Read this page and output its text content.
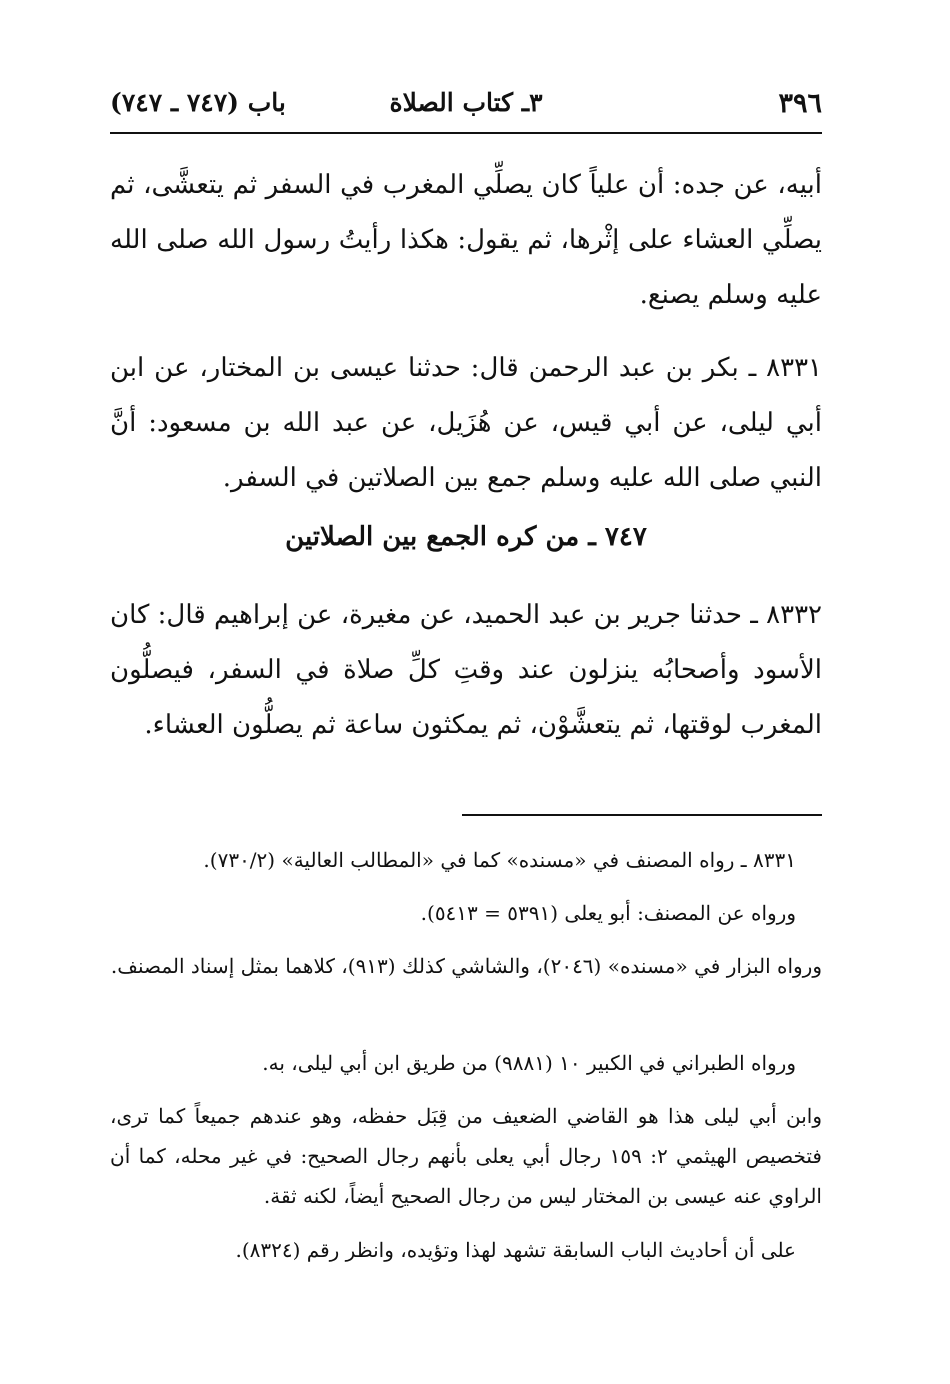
٣٩٦
٣ـ كتاب الصلاة
باب (٧٤٧ ـ ٧٤٧)

أبيه، عن جده: أن علياً كان يصلِّي المغرب في السفر ثم يتعشَّى، ثم يصلِّي العشاء على إثْرها، ثم يقول: هكذا رأيتُ رسول الله صلى الله عليه وسلم يصنع.

٨٣٣١ ـ بكر بن عبد الرحمن قال: حدثنا عيسى بن المختار، عن ابن أبي ليلى، عن أبي قيس، عن هُزَيل، عن عبد الله بن مسعود: أنَّ النبي صلى الله عليه وسلم جمع بين الصلاتين في السفر.

٧٤٧ ـ من كره الجمع بين الصلاتين

٨٣٣٢ ـ حدثنا جرير بن عبد الحميد، عن مغيرة، عن إبراهيم قال: كان الأسود وأصحابُه ينزلون عند وقتِ كلِّ صلاة في السفر، فيصلُّون المغرب لوقتها، ثم يتعشَّوْن، ثم يمكثون ساعة ثم يصلُّون العشاء.

٨٣٣١ ـ رواه المصنف في «مسنده» كما في «المطالب العالية» (٧٣٠/٢).

ورواه عن المصنف: أبو يعلى (٥٣٩١ = ٥٤١٣).

ورواه البزار في «مسنده» (٢٠٤٦)، والشاشي كذلك (٩١٣)، كلاهما بمثل إسناد المصنف.

ورواه الطبراني في الكبير ١٠ (٩٨٨١) من طريق ابن أبي ليلى، به.

وابن أبي ليلى هذا هو القاضي الضعيف من قِبَل حفظه، وهو عندهم جميعاً كما ترى، فتخصيص الهيثمي ٢: ١٥٩ رجال أبي يعلى بأنهم رجال الصحيح: في غير محله، كما أن الراوي عنه عيسى بن المختار ليس من رجال الصحيح أيضاً، لكنه ثقة.

على أن أحاديث الباب السابقة تشهد لهذا وتؤيده، وانظر رقم (٨٣٢٤).
